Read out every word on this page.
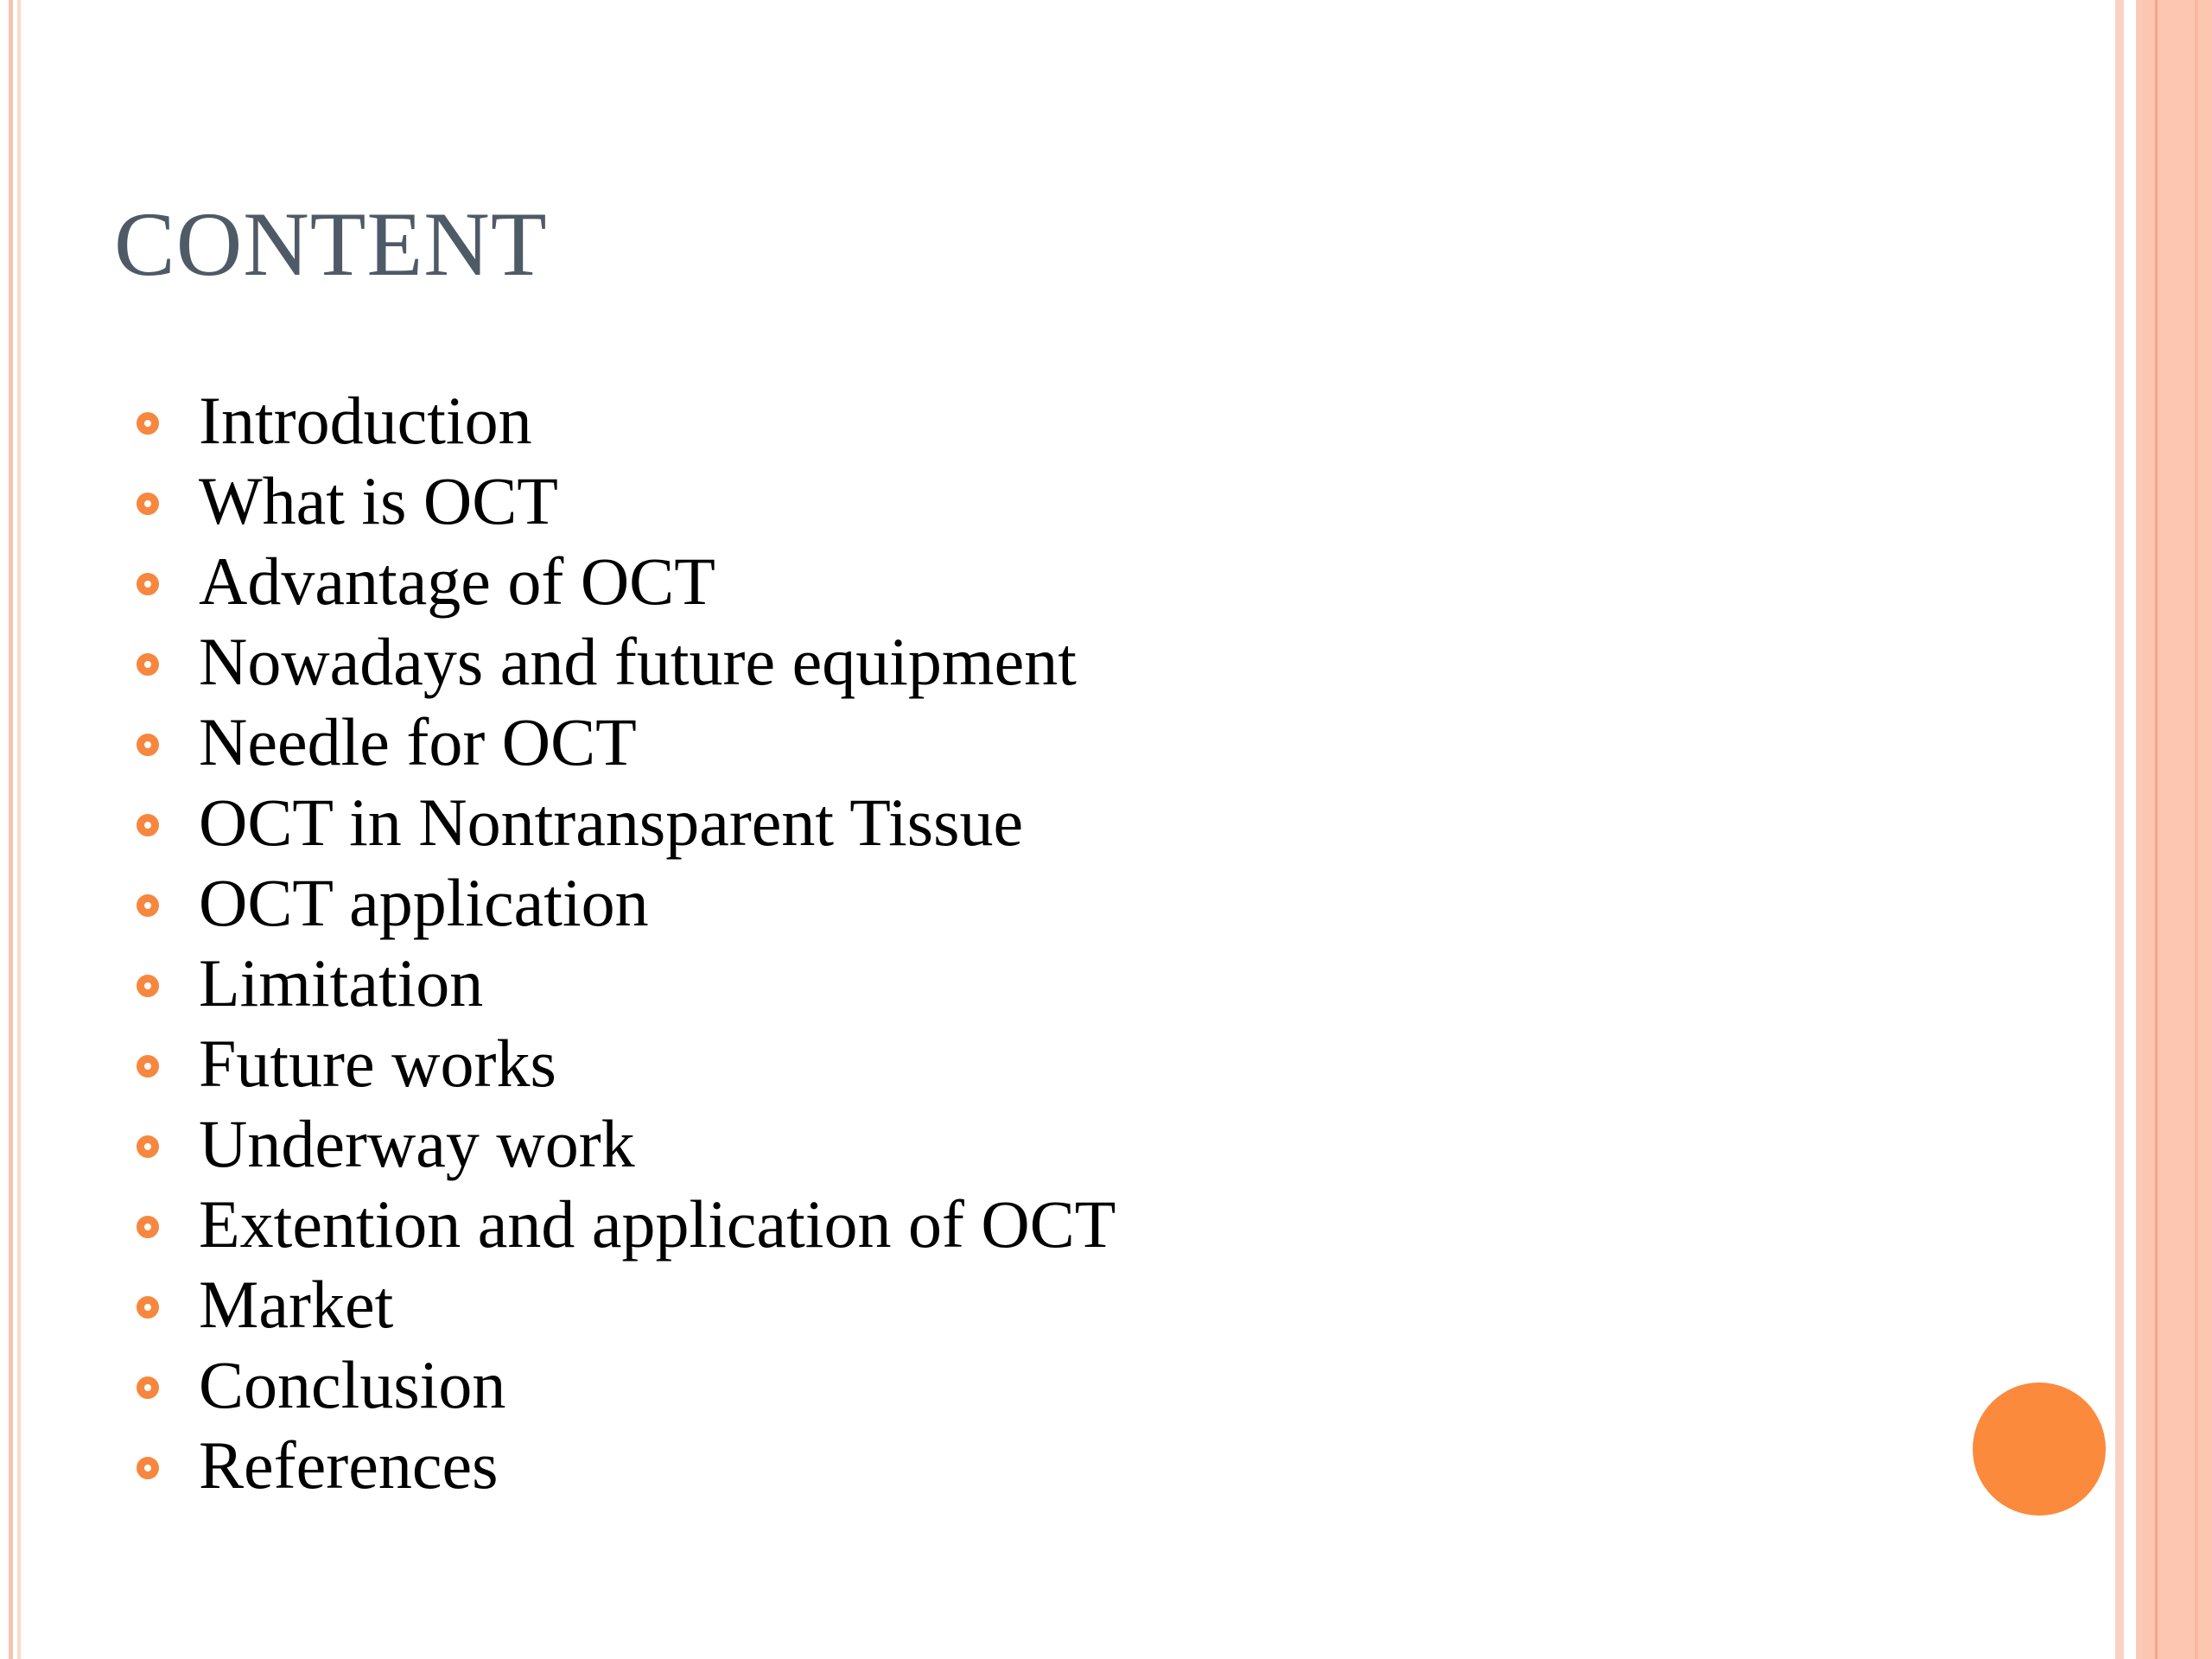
CONTENT
Introduction
What is OCT
Advantage of OCT
Nowadays and future equipment
Needle for OCT
OCT in Nontransparent Tissue
OCT application
Limitation
Future works
Underway work
Extention and application of OCT
Market
Conclusion
References
